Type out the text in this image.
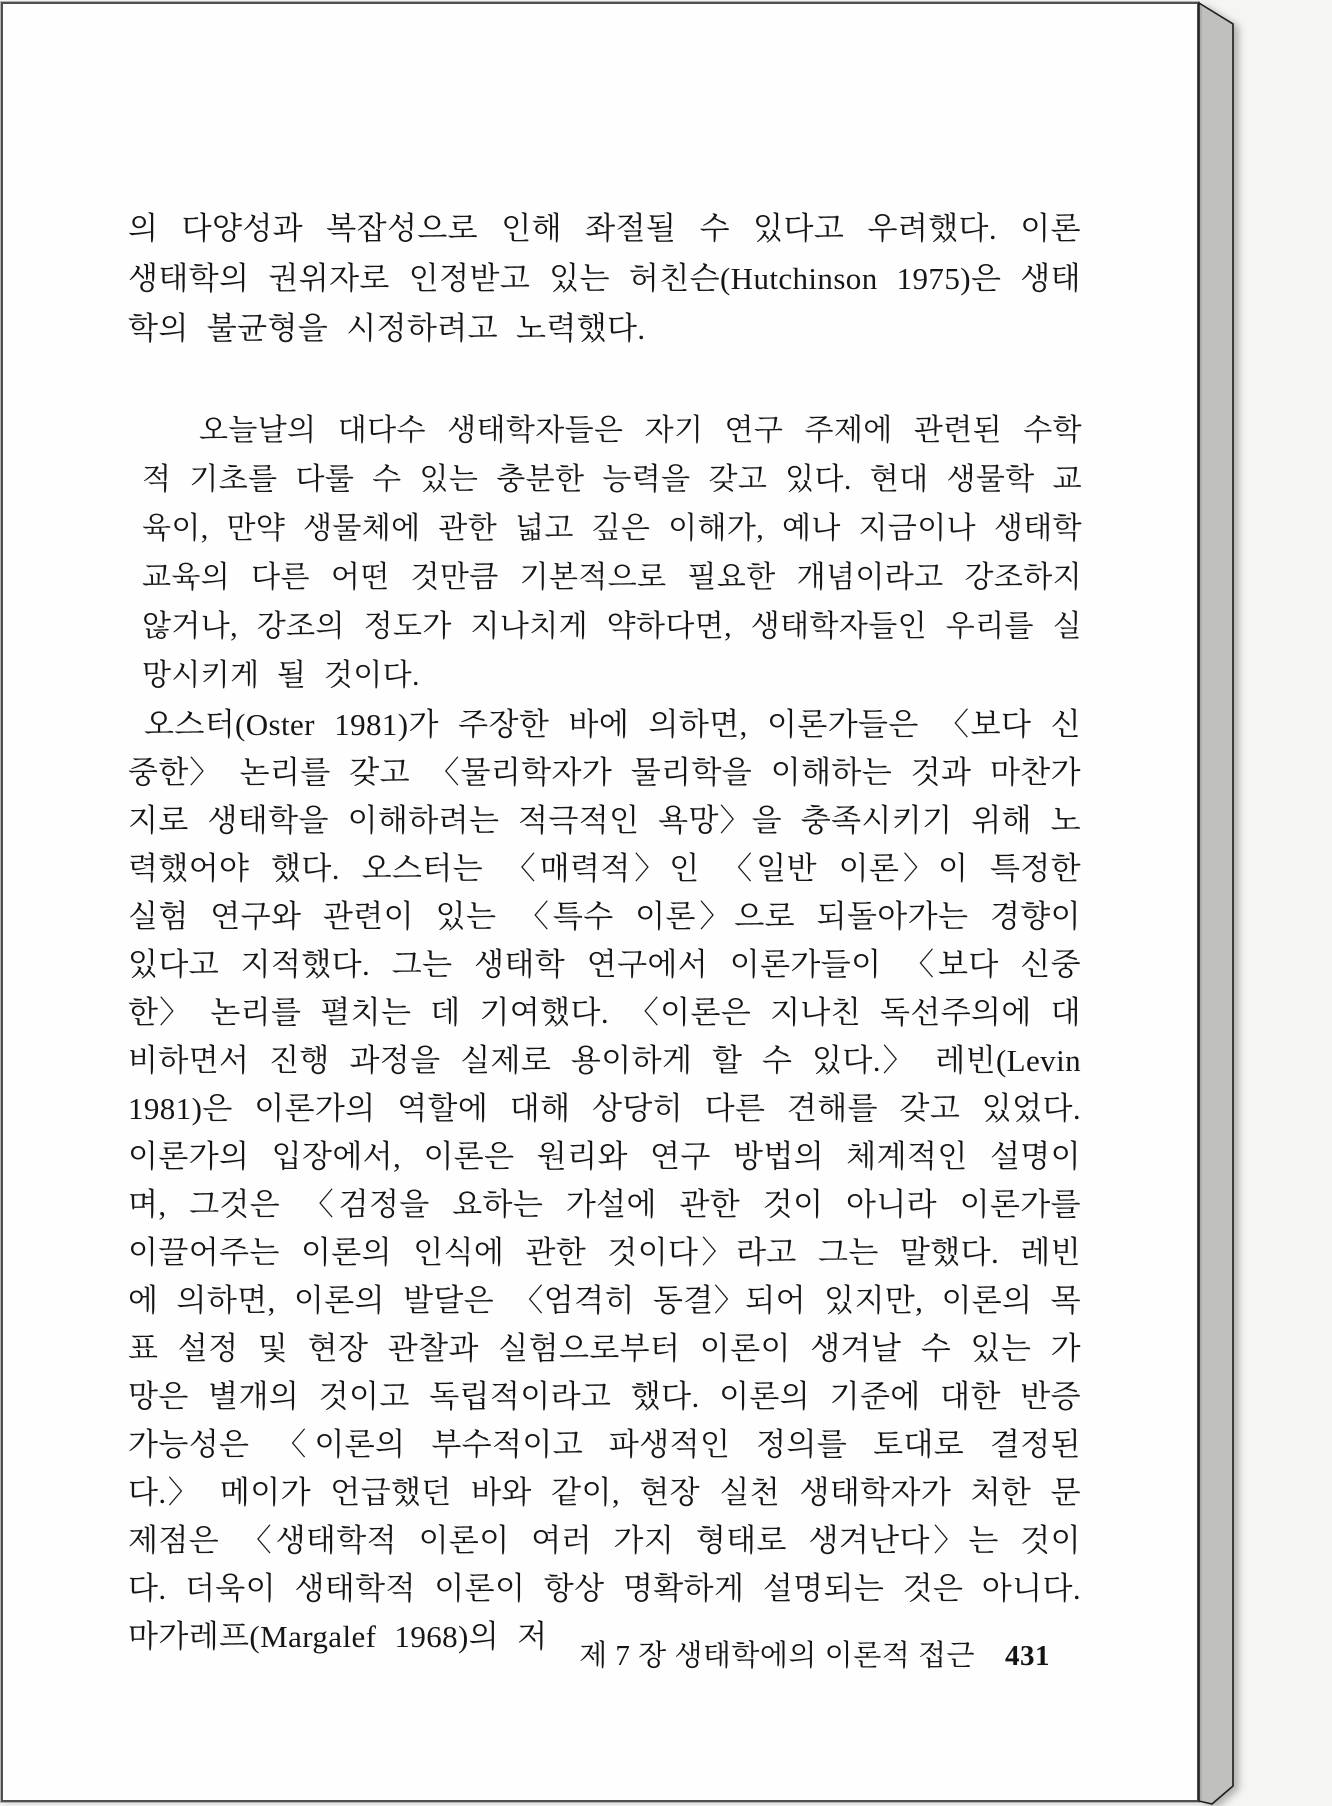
의 다양성과 복잡성으로 인해 좌절될 수 있다고 우려했다. 이론 생태학의 권위자로 인정받고 있는 허친슨(Hutchinson 1975)은 생태학의 불균형을 시정하려고 노력했다.
오늘날의 대다수 생태학자들은 자기 연구 주제에 관련된 수학적 기초를 다룰 수 있는 충분한 능력을 갖고 있다. 현대 생물학 교육이, 만약 생물체에 관한 넓고 깊은 이해가, 예나 지금이나 생태학 교육의 다른 어떤 것만큼 기본적으로 필요한 개념이라고 강조하지 않거나, 강조의 정도가 지나치게 약하다면, 생태학자들인 우리를 실망시키게 될 것이다.
오스터(Oster 1981)가 주장한 바에 의하면, 이론가들은 〈보다 신중한〉 논리를 갖고 〈물리학자가 물리학을 이해하는 것과 마찬가지로 생태학을 이해하려는 적극적인 욕망〉을 충족시키기 위해 노력했어야 했다. 오스터는 〈매력적〉인 〈일반 이론〉이 특정한 실험 연구와 관련이 있는 〈특수 이론〉으로 되돌아가는 경향이 있다고 지적했다. 그는 생태학 연구에서 이론가들이 〈보다 신중한〉 논리를 펼치는 데 기여했다. 〈이론은 지나친 독선주의에 대비하면서 진행 과정을 실제로 용이하게 할 수 있다.〉 레빈(Levin 1981)은 이론가의 역할에 대해 상당히 다른 견해를 갖고 있었다. 이론가의 입장에서, 이론은 원리와 연구 방법의 체계적인 설명이며, 그것은 〈검정을 요하는 가설에 관한 것이 아니라 이론가를 이끌어주는 이론의 인식에 관한 것이다〉라고 그는 말했다. 레빈에 의하면, 이론의 발달은 〈엄격히 동결〉되어 있지만, 이론의 목표 설정 및 현장 관찰과 실험으로부터 이론이 생겨날 수 있는 가망은 별개의 것이고 독립적이라고 했다. 이론의 기준에 대한 반증 가능성은 〈이론의 부수적이고 파생적인 정의를 토대로 결정된다.〉 메이가 언급했던 바와 같이, 현장 실천 생태학자가 처한 문제점은 〈생태학적 이론이 여러 가지 형태로 생겨난다〉는 것이다. 더욱이 생태학적 이론이 항상 명확하게 설명되는 것은 아니다. 마가레프(Margalef 1968)의 저
제 7 장 생태학에의 이론적 접근 431
